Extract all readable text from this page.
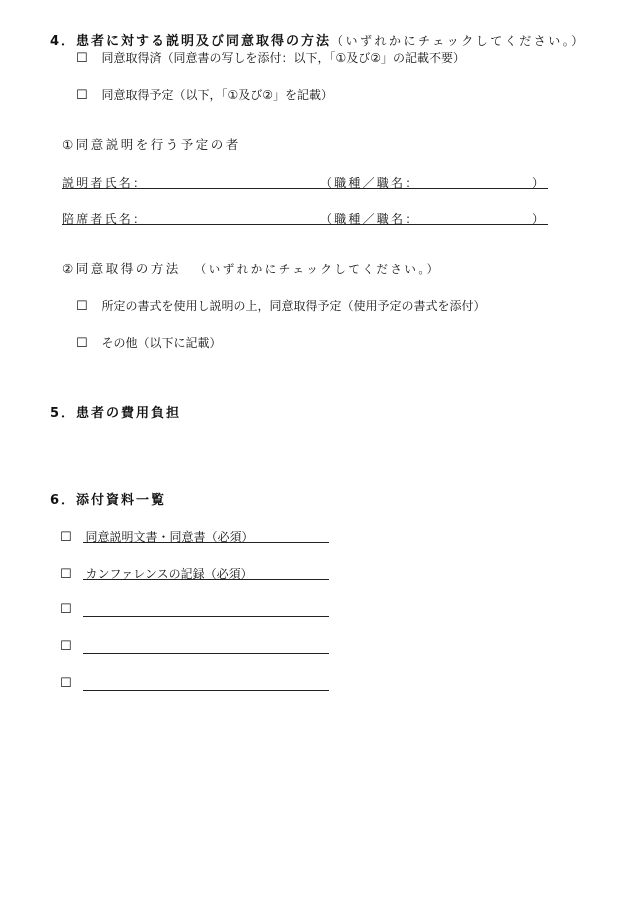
4．患者に対する説明及び同意取得の方法（いずれかにチェックしてください。）
☐ 同意取得済（同意書の写しを添付：以下，「①及び②」の記載不要）
☐ 同意取得予定（以下，「①及び②」を記載）
①同意説明を行う予定の者
説明者氏名：	（職種／職名：	）
陪席者氏名：	（職種／職名：	）
②同意取得の方法 （いずれかにチェックしてください。）
☐ 所定の書式を使用し説明の上，同意取得予定（使用予定の書式を添付）
☐ その他（以下に記載）
5．患者の費用負担
6．添付資料一覧
☐ 同意説明文書・同意書（必須）
☐ カンファレンスの記録（必須）
☐
☐
☐
